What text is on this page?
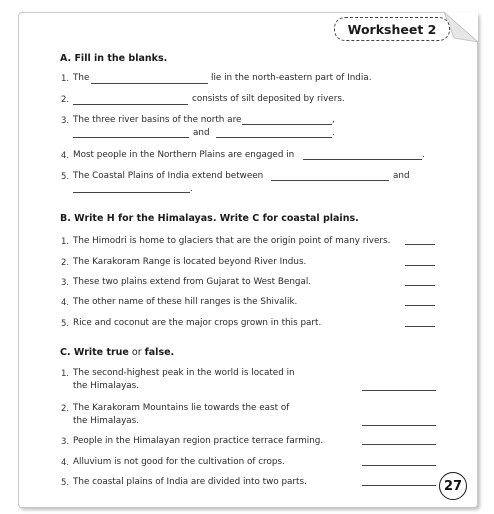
Worksheet 2
A. Fill in the blanks.
1. The	lie in the north-eastern part of India.
2.	consists of silt deposited by rivers.
3. The three river basins of the north are	,
and	.
4. Most people in the Northern Plains are engaged in	.
5. The Coastal Plains of India extend between	and
.
B. Write H for the Himalayas. Write C for coastal plains.
1. The Himodri is home to glaciers that are the origin point of many rivers.
2. The Karakoram Range is located beyond River Indus.
3. These two plains extend from Gujarat to West Bengal.
4. The other name of these hill ranges is the Shivalik.
5. Rice and coconut are the major crops grown in this part.
C. Write true or false.
1. The second-highest peak in the world is located in
the Himalayas.
2. The Karakoram Mountains lie towards the east of
the Himalayas.
3. People in the Himalayan region practice terrace farming.
4. Alluvium is not good for the cultivation of crops.
5. The coastal plains of India are divided into two parts.	27
